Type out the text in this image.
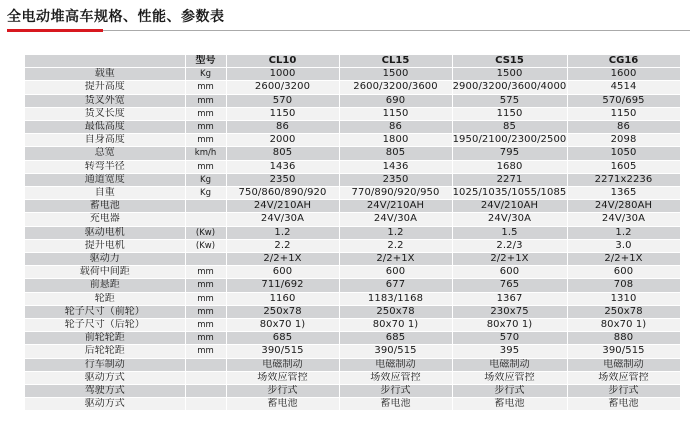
全电动堆高车规格、性能、参数表
	型号	CL10	CL15	CS15	CG16
载重	Kg	1000	1500	1500	1600
提升高度	mm	2600/3200	2600/3200/3600	2900/3200/3600/4000	4514
货叉外宽	mm	570	690	575	570/695
货叉长度	mm	1150	1150	1150	1150
最低高度	mm	86	86	85	86
自身高度	mm	2000	1800	1950/2100/2300/2500	2098
总宽	km/h	805	805	795	1050
转弯半径	mm	1436	1436	1680	1605
通道宽度	Kg	2350	2350	2271	2271x2236
自重	Kg	750/860/890/920	770/890/920/950	1025/1035/1055/1085	1365
蓄电池		24V/210AH	24V/210AH	24V/210AH	24V/280AH
充电器		24V/30A	24V/30A	24V/30A	24V/30A
驱动电机	(Kw)	1.2	1.2	1.5	1.2
提升电机	(Kw)	2.2	2.2	2.2/3	3.0
驱动力		2/2+1X	2/2+1X	2/2+1X	2/2+1X
载荷中间距	mm	600	600	600	600
前悬距	mm	711/692	677	765	708
轮距	mm	1160	1183/1168	1367	1310
轮子尺寸（前轮）	mm	250x78	250x78	230x75	250x78
轮子尺寸（后轮）	mm	80x70 1)	80x70 1)	80x70 1)	80x70 1)
前轮轮距	mm	685	685	570	880
后轮轮距	mm	390/515	390/515	395	390/515
行车制动		电磁制动	电磁制动	电磁制动	电磁制动
驱动方式		场效应管控	场效应管控	场效应管控	场效应管控
驾驶方式		步行式	步行式	步行式	步行式
驱动方式		蓄电池	蓄电池	蓄电池	蓄电池
